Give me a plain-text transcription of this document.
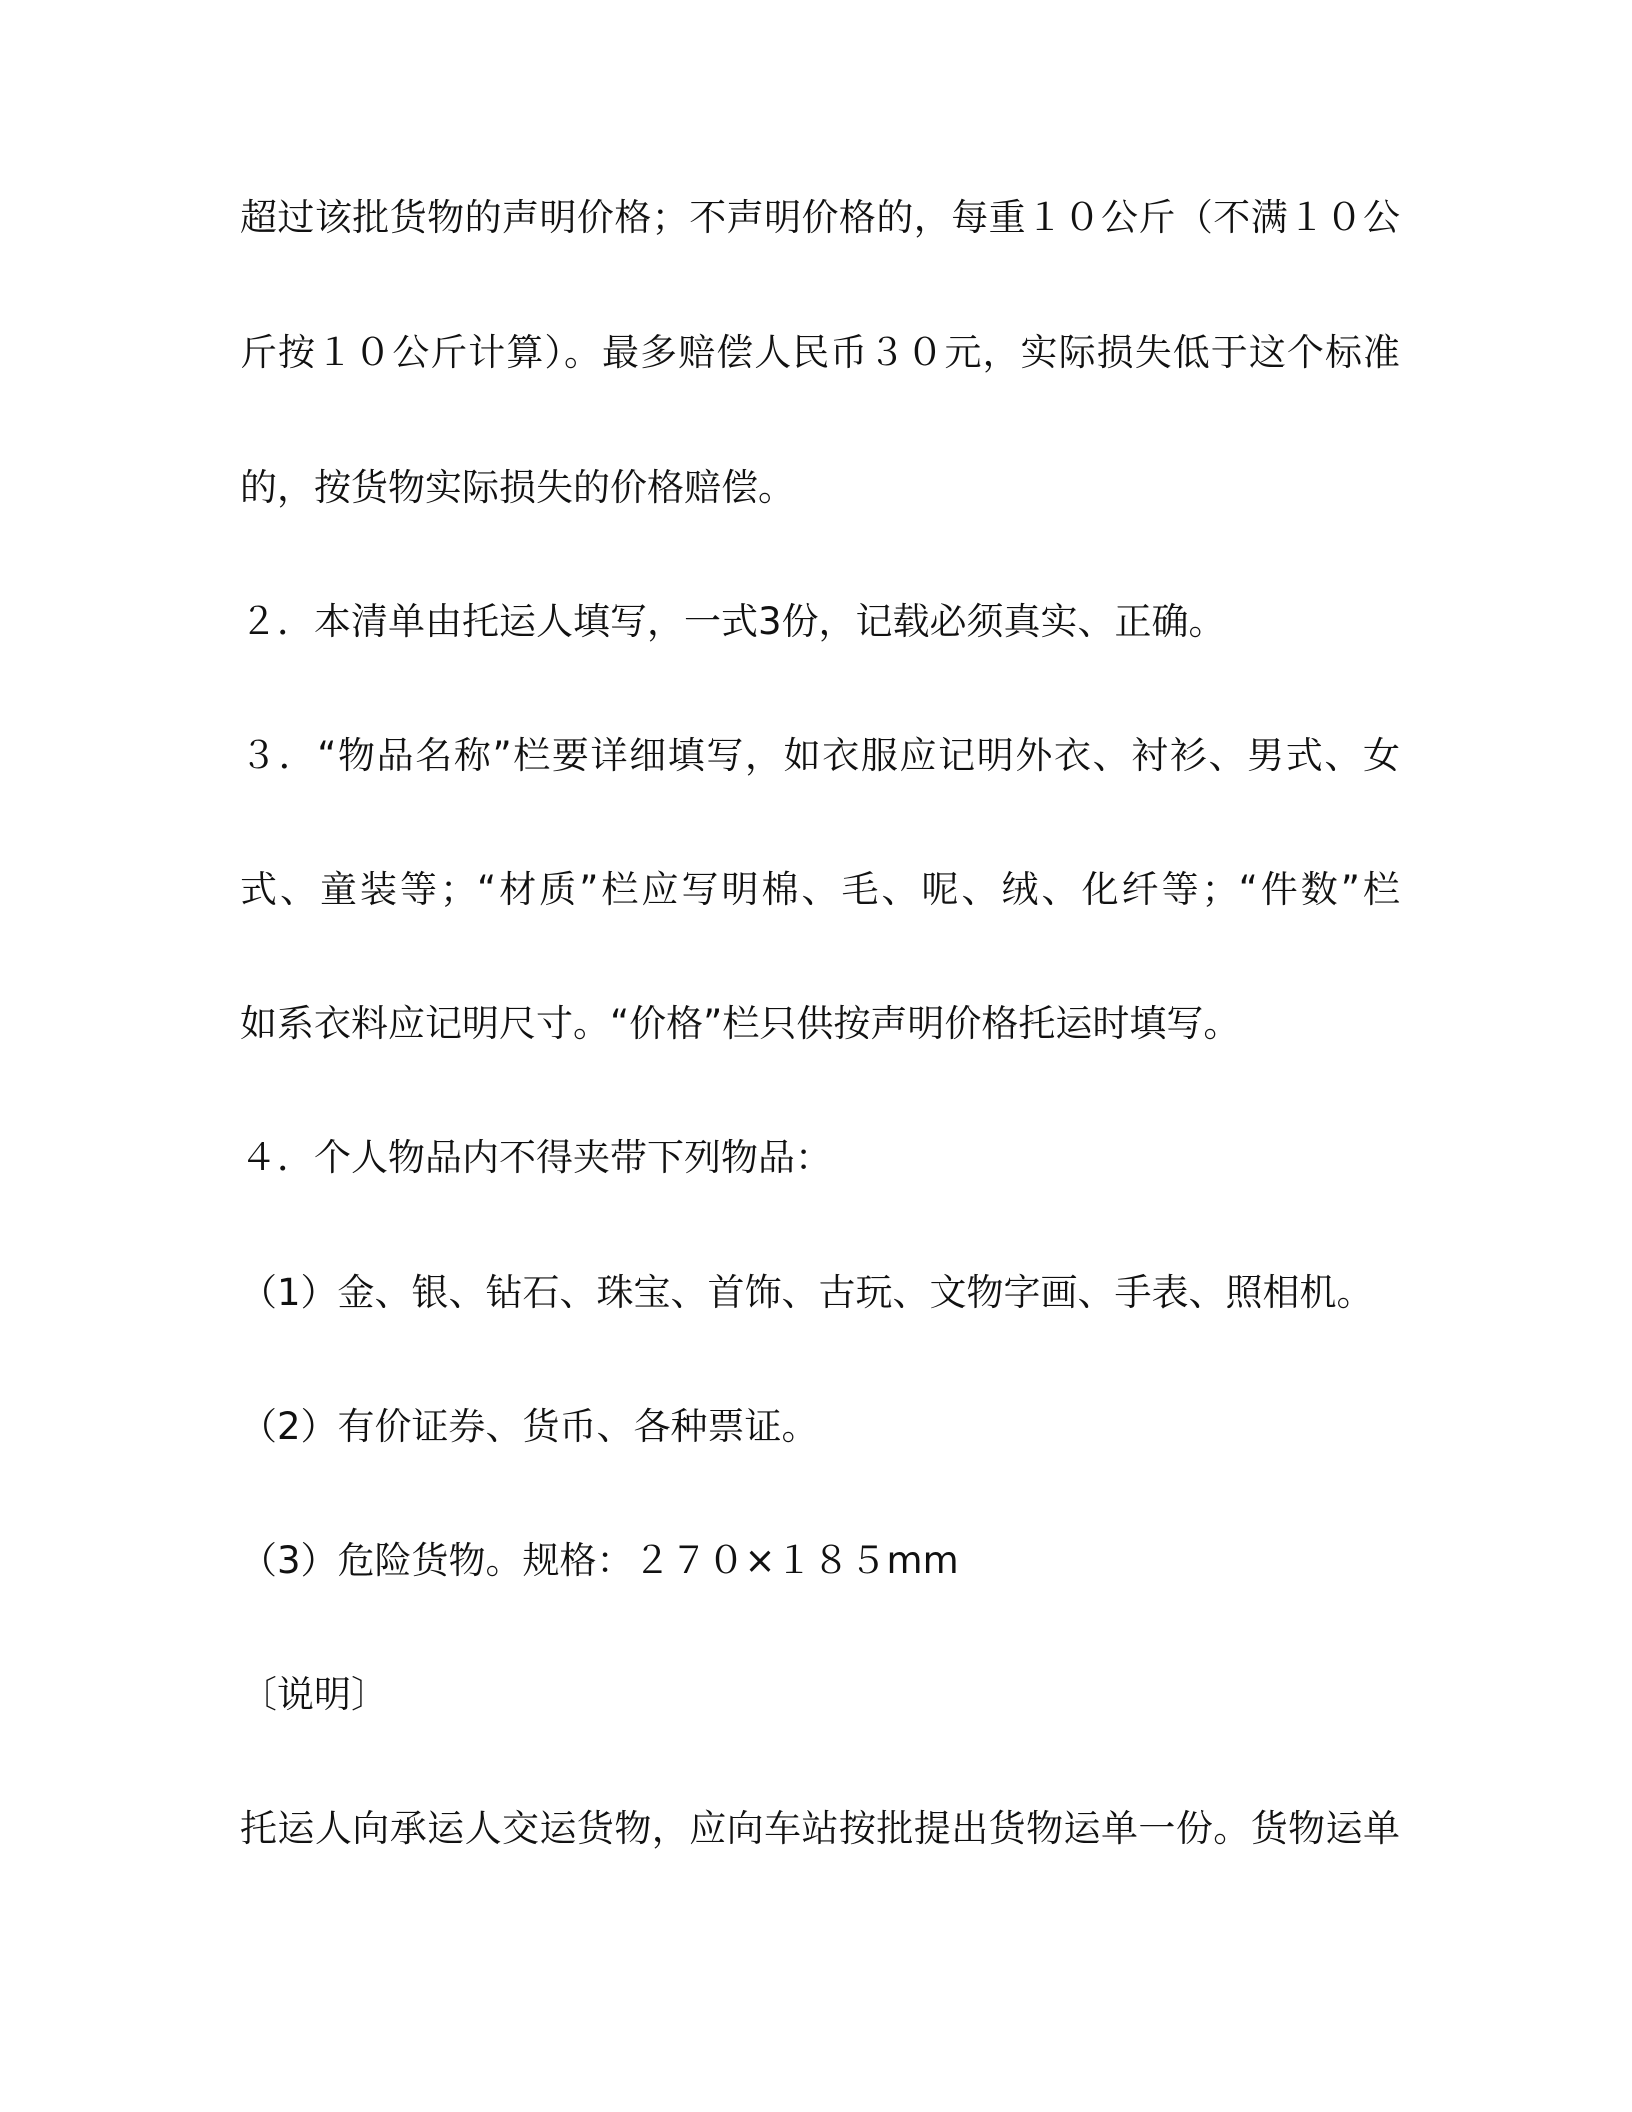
超过该批货物的声明价格；不声明价格的，每重１０公斤（不满１０公
斤按１０公斤计算）。最多赔偿人民币３０元，实际损失低于这个标准
的，按货物实际损失的价格赔偿。
２．本清单由托运人填写，一式3份，记载必须真实、正确。
３．“物品名称”栏要详细填写，如衣服应记明外衣、衬衫、男式、女
式、童装等；“材质”栏应写明棉、毛、呢、绒、化纤等；“件数”栏
如系衣料应记明尺寸。“价格”栏只供按声明价格托运时填写。
４．个人物品内不得夹带下列物品：
（1）金、银、钻石、珠宝、首饰、古玩、文物字画、手表、照相机。
（2）有价证券、货币、各种票证。
（3）危险货物。规格：２７０×１８５mm
〔说明〕
托运人向承运人交运货物，应向车站按批提出货物运单一份。货物运单
